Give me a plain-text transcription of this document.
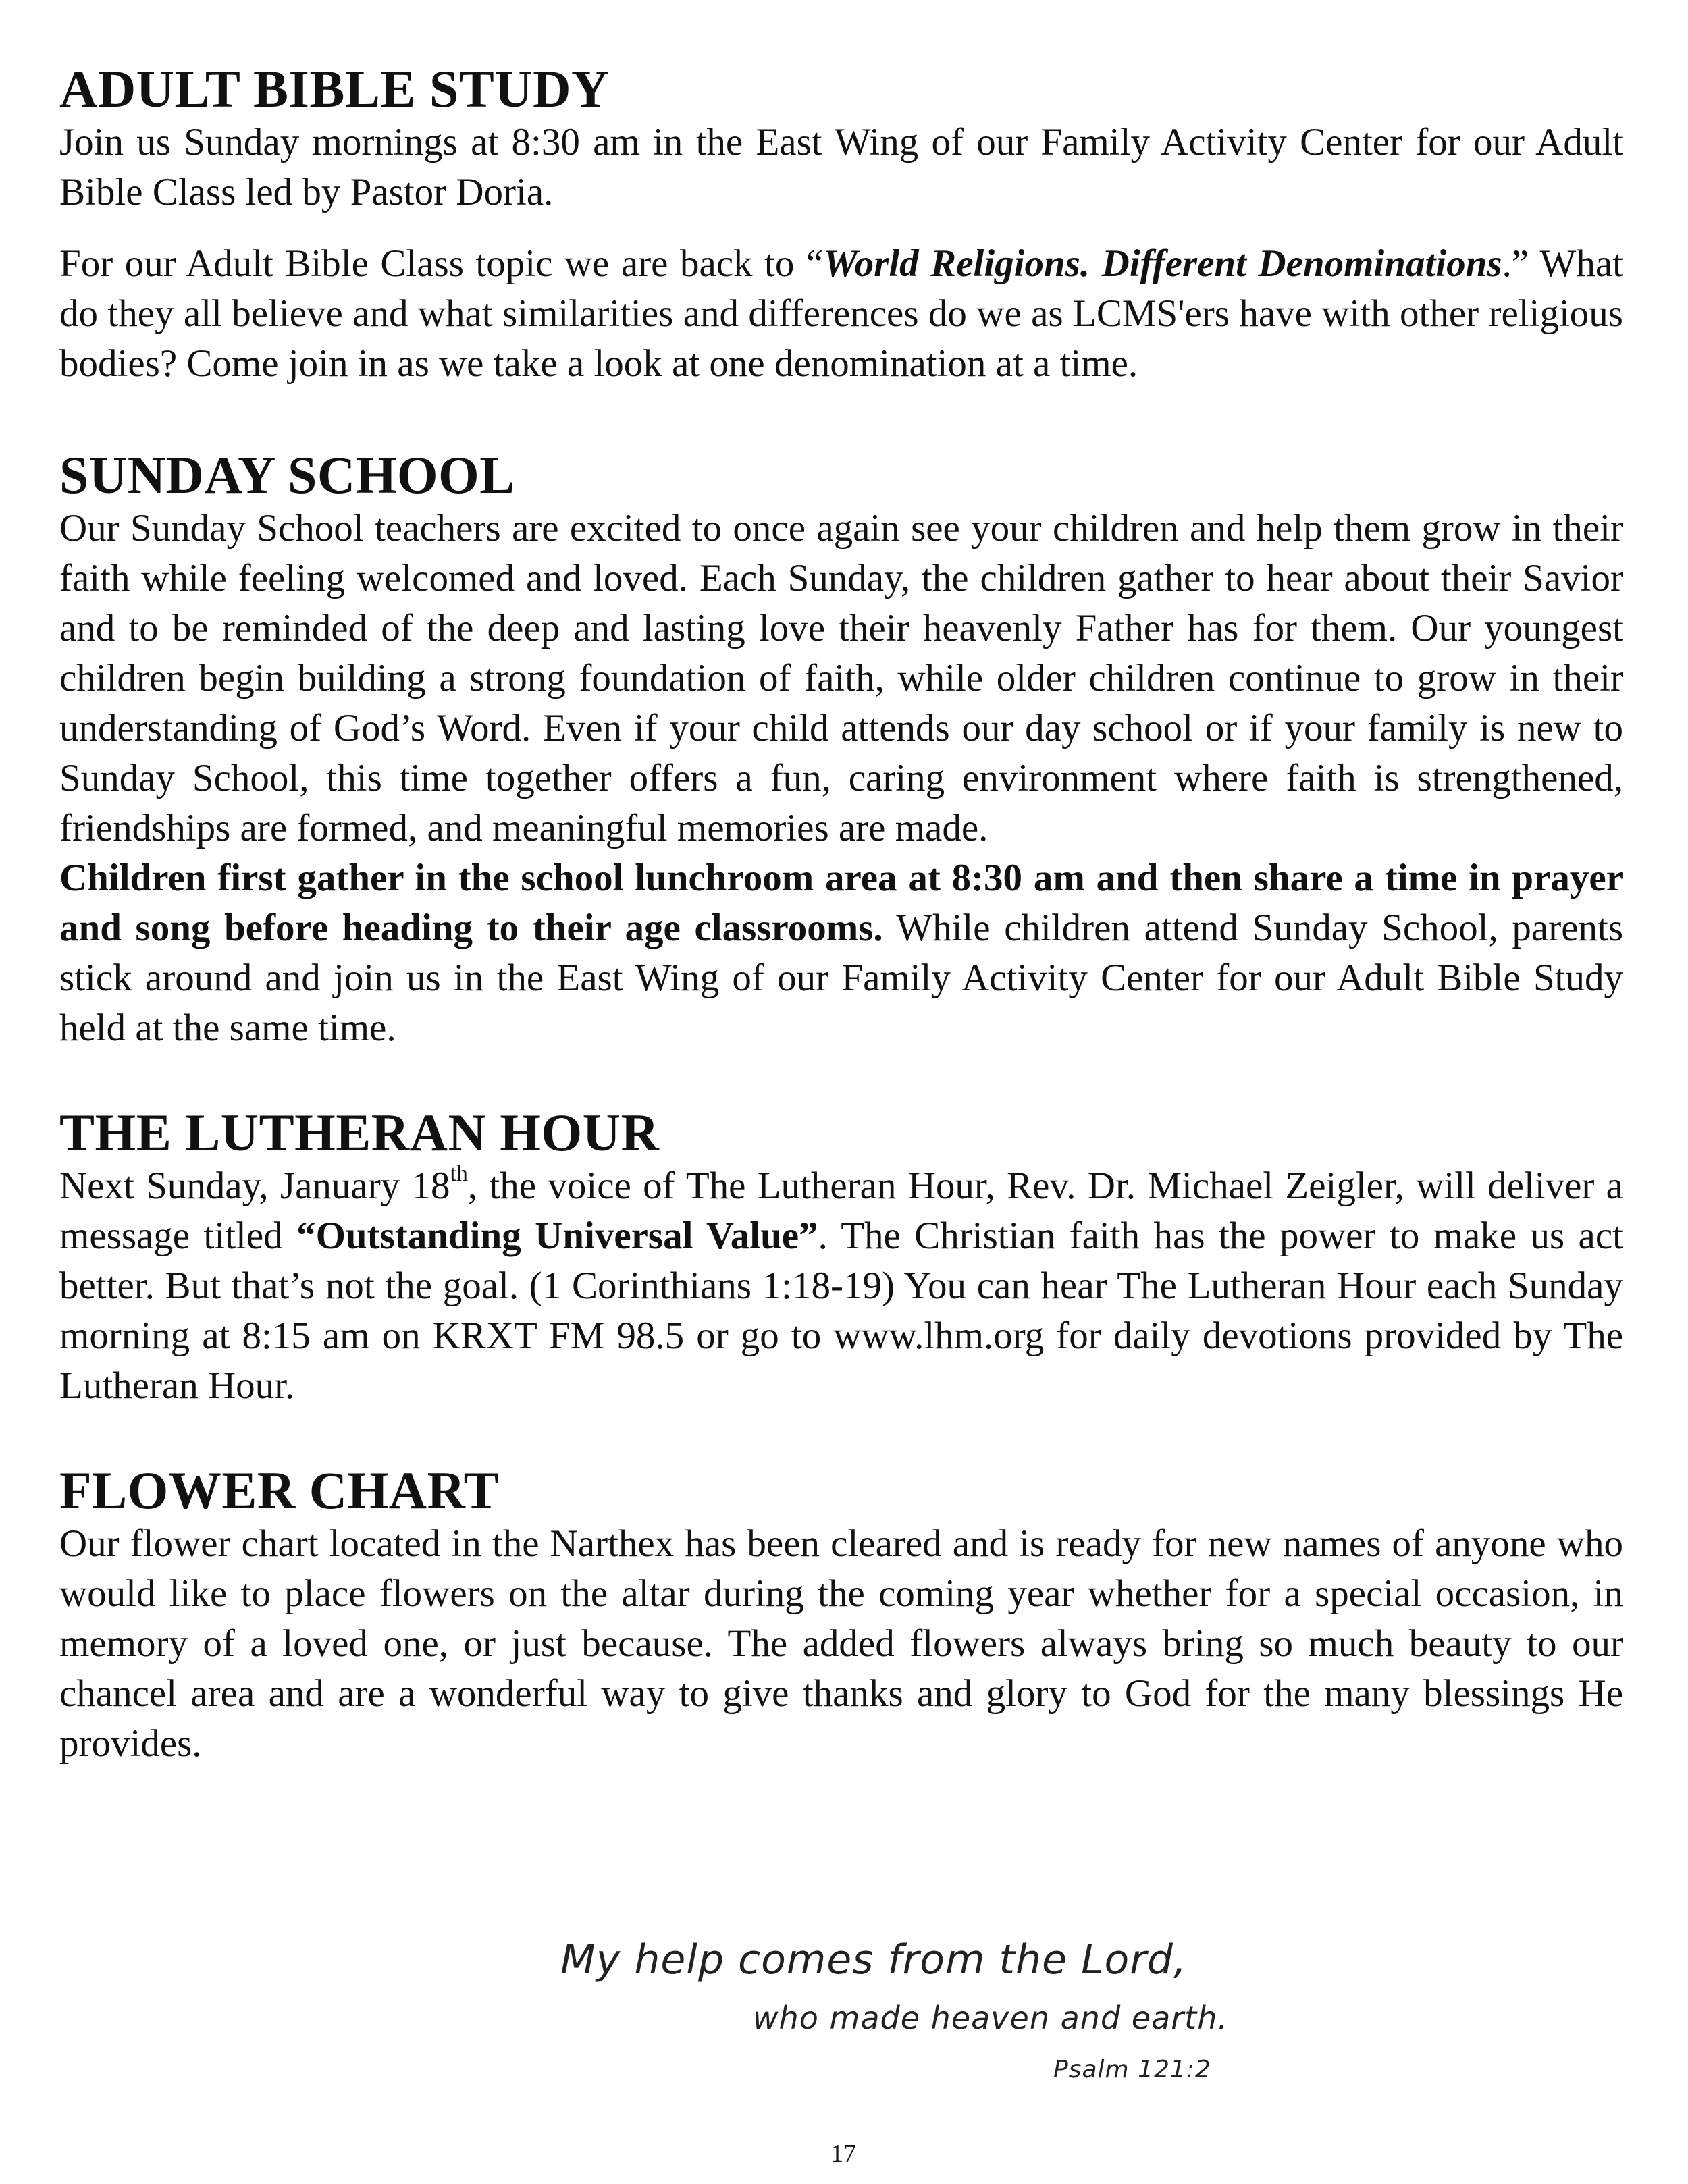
ADULT BIBLE STUDY

Join us Sunday mornings at 8:30 am in the East Wing of our Family Activity Center for our Adult Bible Class led by Pastor Doria.

For our Adult Bible Class topic we are back to “World Religions. Different Denominations.” What do they all believe and what similarities and differences do we as LCMS'ers have with other religious bodies? Come join in as we take a look at one denomination at a time.

SUNDAY SCHOOL

Our Sunday School teachers are excited to once again see your children and help them grow in their faith while feeling welcomed and loved. Each Sunday, the children gather to hear about their Savior and to be reminded of the deep and lasting love their heavenly Father has for them. Our youngest children begin building a strong foundation of faith, while older children continue to grow in their understanding of God’s Word. Even if your child attends our day school or if your family is new to Sunday School, this time together offers a fun, caring environment where faith is strengthened, friendships are formed, and meaningful memories are made.

Children first gather in the school lunchroom area at 8:30 am and then share a time in prayer and song before heading to their age classrooms. While children attend Sunday School, parents stick around and join us in the East Wing of our Family Activity Center for our Adult Bible Study held at the same time.

THE LUTHERAN HOUR

Next Sunday, January 18th, the voice of The Lutheran Hour, Rev. Dr. Michael Zeigler, will deliver a message titled “Outstanding Universal Value”. The Christian faith has the power to make us act better. But that’s not the goal. (1 Corinthians 1:18-19) You can hear The Lutheran Hour each Sunday morning at 8:15 am on KRXT FM 98.5 or go to www.lhm.org for daily devotions provided by The Lutheran Hour.

FLOWER CHART

Our flower chart located in the Narthex has been cleared and is ready for new names of anyone who would like to place flowers on the altar during the coming year whether for a special occasion, in memory of a loved one, or just because. The added flowers always bring so much beauty to our chancel area and are a wonderful way to give thanks and glory to God for the many blessings He provides.

My help comes from the Lord,
who made heaven and earth.
Psalm 121:2
17
